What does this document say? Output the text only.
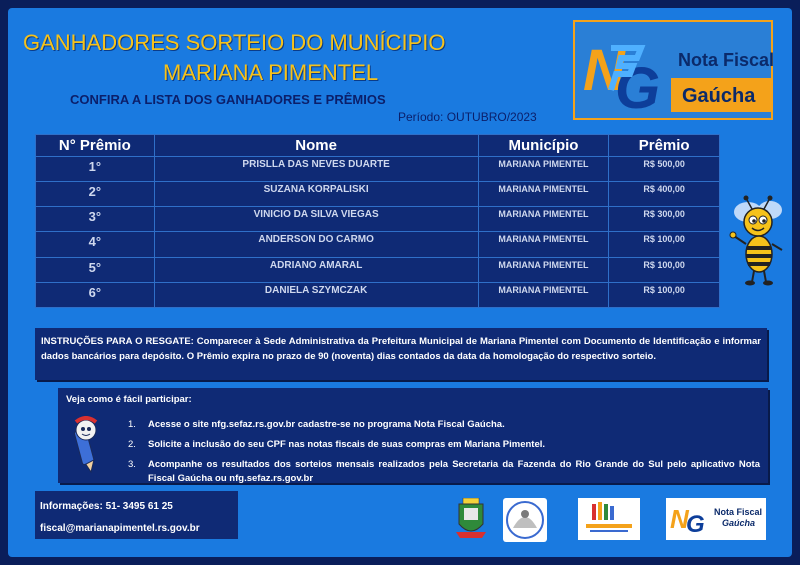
GANHADORES SORTEIO DO MUNÍCIPIO
MARIANA PIMENTEL
CONFIRA A LISTA DOS GANHADORES E PRÊMIOS
Período: OUTUBRO/2023
N
G Nota Fiscal
Gaúcha
N° Prêmio	Nome	Município	Prêmio
1°	PRISLLA DAS NEVES DUARTE	MARIANA PIMENTEL	R$ 500,00
2°	SUZANA KORPALISKI	MARIANA PIMENTEL	R$ 400,00
3°	VINICIO DA SILVA VIEGAS	MARIANA PIMENTEL	R$ 300,00
4°	ANDERSON DO CARMO	MARIANA PIMENTEL	R$ 100,00
5°	ADRIANO AMARAL	MARIANA PIMENTEL	R$ 100,00
6°	DANIELA SZYMCZAK	MARIANA PIMENTEL	R$ 100,00
INSTRUÇÕES PARA O RESGATE: Comparecer à Sede Administrativa da Prefeitura Municipal de Mariana Pimentel com Documento de Identificação e informar dados bancários para depósito. O Prêmio expira no prazo de 90 (noventa) dias contados da data da homologação do respectivo sorteio.
Veja como é fácil participar:
1.	Acesse o site nfg.sefaz.rs.gov.br cadastre-se no programa Nota Fiscal Gaúcha.
2.	Solicite a inclusão do seu CPF nas notas fiscais de suas compras em Mariana Pimentel.
3.	Acompanhe os resultados dos sorteios mensais realizados pela Secretaria da Fazenda do Rio Grande do Sul pelo aplicativo Nota Fiscal Gaúcha ou nfg.sefaz.rs.gov.br
Informações: 51- 3495 61 25
fiscal@marianapimentel.rs.gov.br	N
G Nota Fiscal
Gaúcha
